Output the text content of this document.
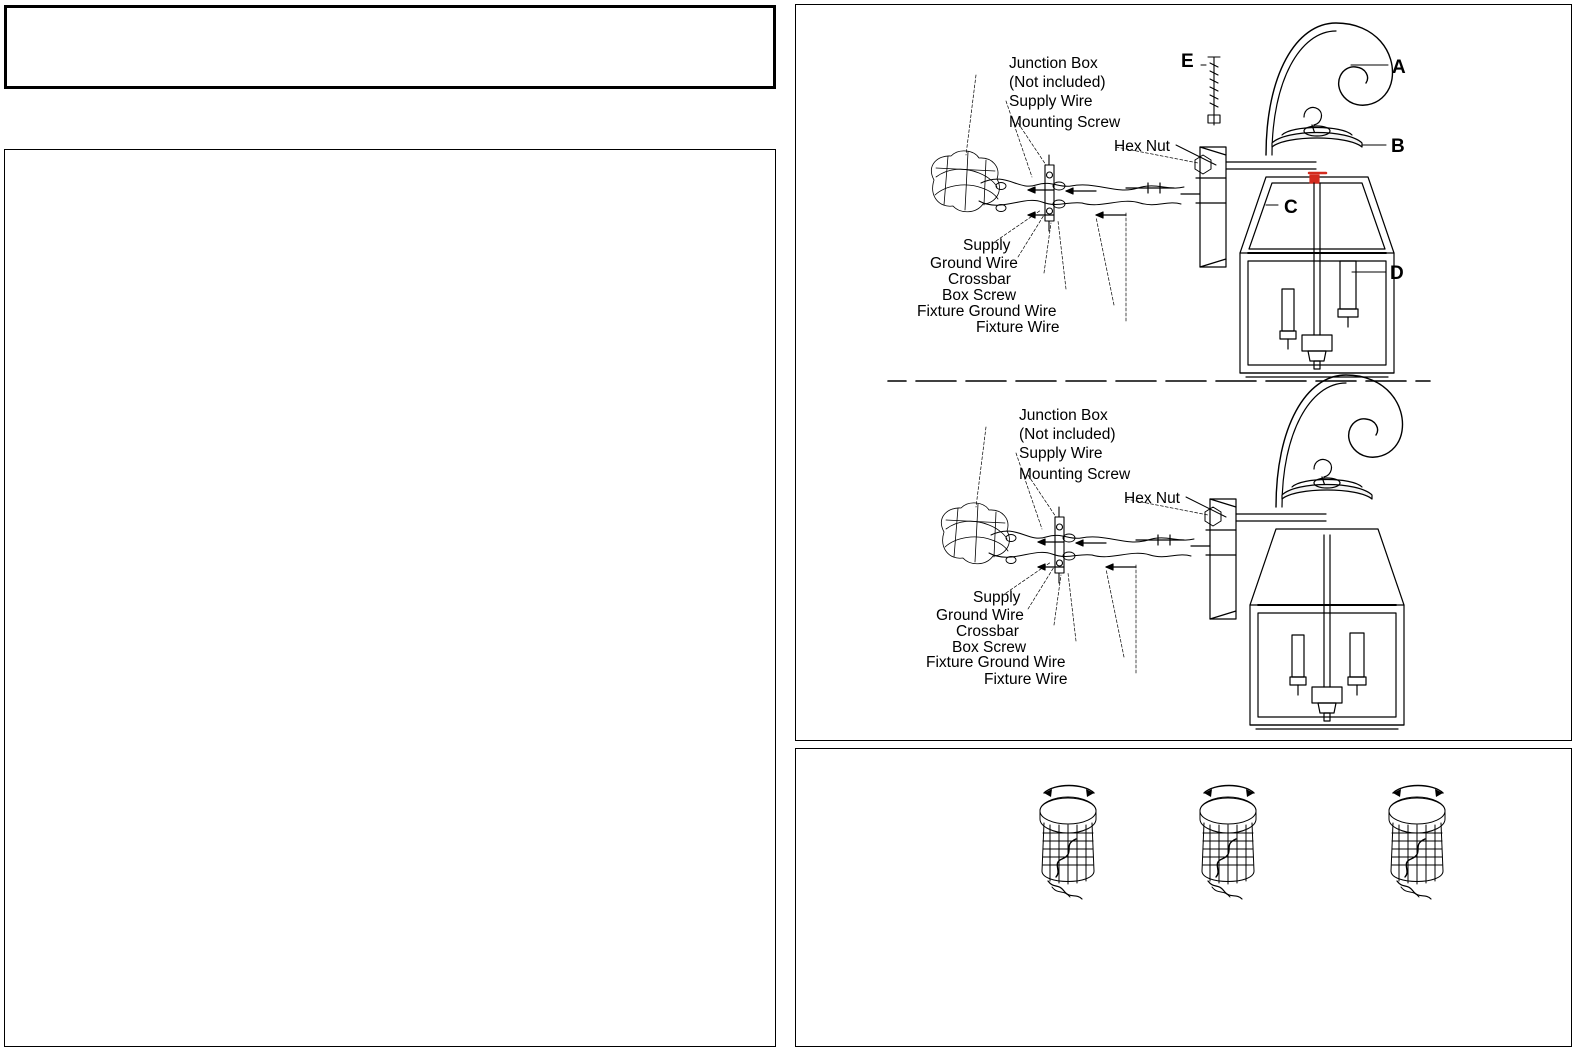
Junction Box
(Not included)
Supply Wire
Mounting Screw
Hex Nut
Supply
Ground Wire
Crossbar
Box Screw
Fixture Ground Wire
Fixture Wire
E	A
B
C
D
Junction Box
(Not included)
Supply Wire
Mounting Screw
Hex Nut
Supply
Ground Wire
Crossbar
Box Screw
Fixture Ground Wire
Fixture Wire
